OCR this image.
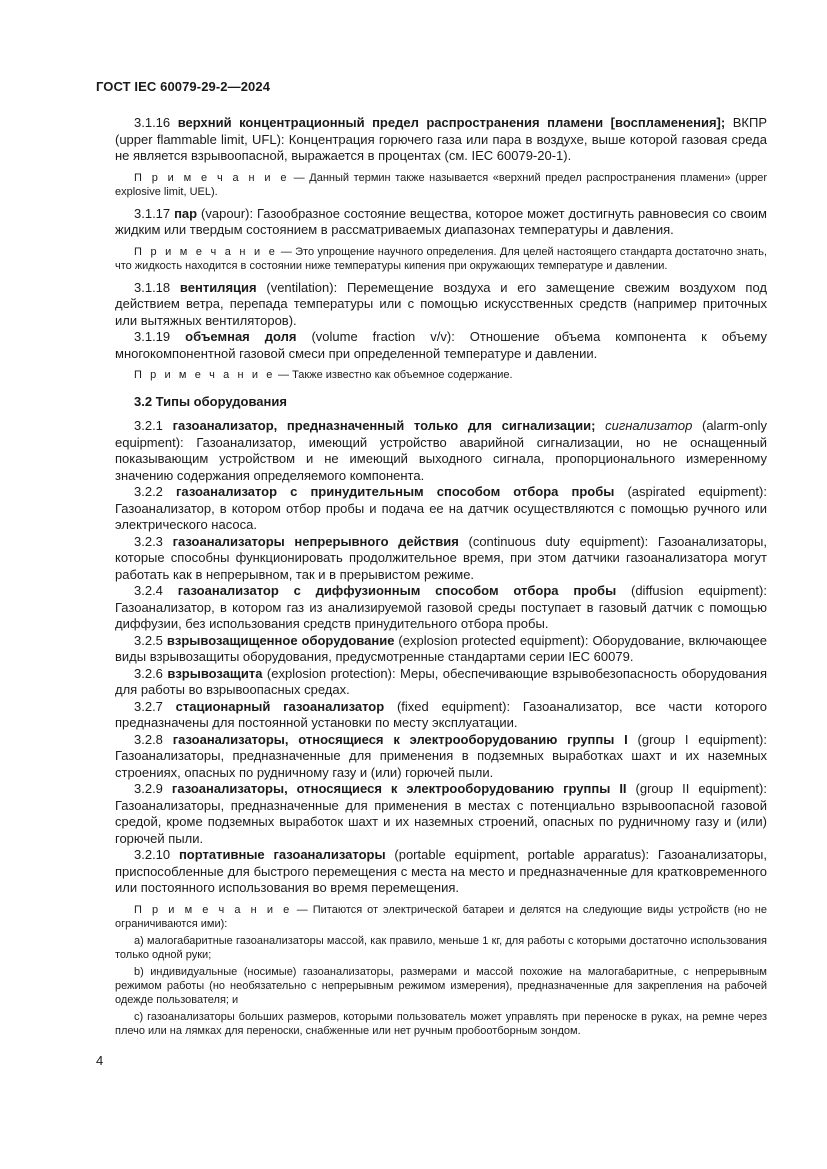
ГОСТ IEC 60079-29-2—2024

3.1.16 верхний концентрационный предел распространения пламени [воспламенения]; ВКПР (upper flammable limit, UFL): Концентрация горючего газа или пара в воздухе, выше которой газовая среда не является взрывоопасной, выражается в процентах (см. IEC 60079-20-1).

П р и м е ч а н и е — Данный термин также называется «верхний предел распространения пламени» (upper explosive limit, UEL).

3.1.17 пар (vapour): Газообразное состояние вещества, которое может достигнуть равновесия со своим жидким или твердым состоянием в рассматриваемых диапазонах температуры и давления.

П р и м е ч а н и е — Это упрощение научного определения. Для целей настоящего стандарта достаточно знать, что жидкость находится в состоянии ниже температуры кипения при окружающих температуре и давлении.

3.1.18 вентиляция (ventilation): Перемещение воздуха и его замещение свежим воздухом под действием ветра, перепада температуры или с помощью искусственных средств (например приточных или вытяжных вентиляторов).

3.1.19 объемная доля (volume fraction v/v): Отношение объема компонента к объему многокомпонентной газовой смеси при определенной температуре и давлении.

П р и м е ч а н и е — Также известно как объемное содержание.

3.2 Типы оборудования

3.2.1 газоанализатор, предназначенный только для сигнализации; сигнализатор (alarm-only equipment): Газоанализатор, имеющий устройство аварийной сигнализации, но не оснащенный показывающим устройством и не имеющий выходного сигнала, пропорционального измеренному значению содержания определяемого компонента.

3.2.2 газоанализатор с принудительным способом отбора пробы (aspirated equipment): Газоанализатор, в котором отбор пробы и подача ее на датчик осуществляются с помощью ручного или электрического насоса.

3.2.3 газоанализаторы непрерывного действия (continuous duty equipment): Газоанализаторы, которые способны функционировать продолжительное время, при этом датчики газоанализатора могут работать как в непрерывном, так и в прерывистом режиме.

3.2.4 газоанализатор с диффузионным способом отбора пробы (diffusion equipment): Газоанализатор, в котором газ из анализируемой газовой среды поступает в газовый датчик с помощью диффузии, без использования средств принудительного отбора пробы.

3.2.5 взрывозащищенное оборудование (explosion protected equipment): Оборудование, включающее виды взрывозащиты оборудования, предусмотренные стандартами серии IEC 60079.

3.2.6 взрывозащита (explosion protection): Меры, обеспечивающие взрывобезопасность оборудования для работы во взрывоопасных средах.

3.2.7 стационарный газоанализатор (fixed equipment): Газоанализатор, все части которого предназначены для постоянной установки по месту эксплуатации.

3.2.8 газоанализаторы, относящиеся к электрооборудованию группы I (group I equipment): Газоанализаторы, предназначенные для применения в подземных выработках шахт и их наземных строениях, опасных по рудничному газу и (или) горючей пыли.

3.2.9 газоанализаторы, относящиеся к электрооборудованию группы II (group II equipment): Газоанализаторы, предназначенные для применения в местах с потенциально взрывоопасной газовой средой, кроме подземных выработок шахт и их наземных строений, опасных по рудничному газу и (или) горючей пыли.

3.2.10 портативные газоанализаторы (portable equipment, portable apparatus): Газоанализаторы, приспособленные для быстрого перемещения с места на место и предназначенные для кратковременного или постоянного использования во время перемещения.

П р и м е ч а н и е — Питаются от электрической батареи и делятся на следующие виды устройств (но не ограничиваются ими):

a) малогабаритные газоанализаторы массой, как правило, меньше 1 кг, для работы с которыми достаточно использования только одной руки;

b) индивидуальные (носимые) газоанализаторы, размерами и массой похожие на малогабаритные, с непрерывным режимом работы (но необязательно с непрерывным режимом измерения), предназначенные для закрепления на рабочей одежде пользователя; и

c) газоанализаторы больших размеров, которыми пользователь может управлять при переноске в руках, на ремне через плечо или на лямках для переноски, снабженные или нет ручным пробоотборным зондом.

4
